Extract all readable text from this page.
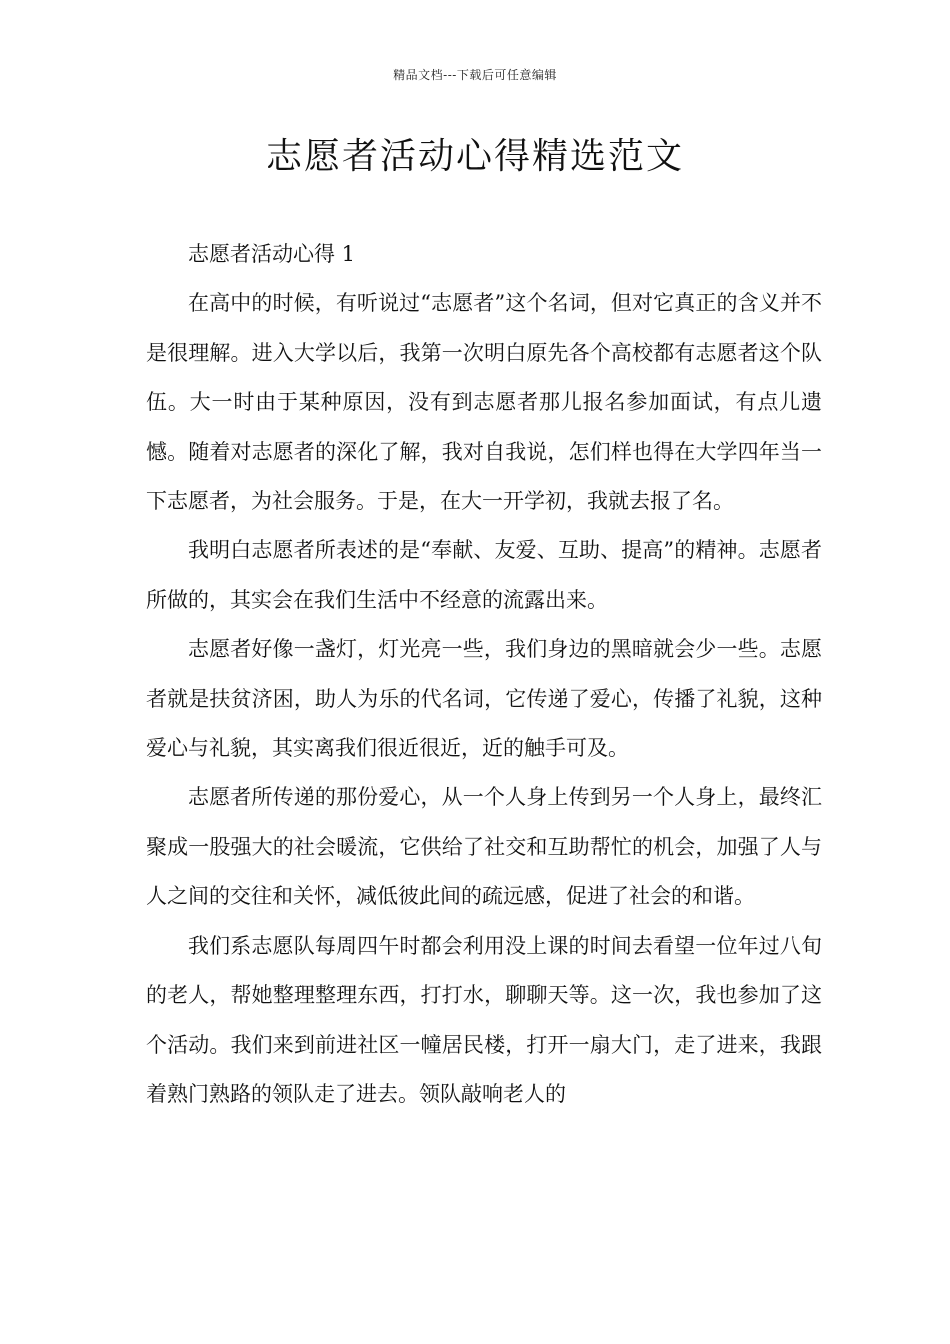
精品文档---下载后可任意编辑
志愿者活动心得精选范文

志愿者活动心得 1

在高中的时候，有听说过“志愿者”这个名词，但对它真正的含义并不是很理解。进入大学以后，我第一次明白原先各个高校都有志愿者这个队伍。大一时由于某种原因，没有到志愿者那儿报名参加面试，有点儿遗憾。随着对志愿者的深化了解，我对自我说，怎们样也得在大学四年当一下志愿者，为社会服务。于是，在大一开学初，我就去报了名。

我明白志愿者所表述的是“奉献、友爱、互助、提高”的精神。志愿者所做的，其实会在我们生活中不经意的流露出来。

志愿者好像一盏灯，灯光亮一些，我们身边的黑暗就会少一些。志愿者就是扶贫济困，助人为乐的代名词，它传递了爱心，传播了礼貌，这种爱心与礼貌，其实离我们很近很近，近的触手可及。

志愿者所传递的那份爱心，从一个人身上传到另一个人身上，最终汇聚成一股强大的社会暖流，它供给了社交和互助帮忙的机会，加强了人与人之间的交往和关怀，减低彼此间的疏远感，促进了社会的和谐。

我们系志愿队每周四午时都会利用没上课的时间去看望一位年过八旬的老人，帮她整理整理东西，打打水，聊聊天等。这一次，我也参加了这个活动。我们来到前进社区一幢居民楼，打开一扇大门，走了进来，我跟着熟门熟路的领队走了进去。领队敲响老人的
